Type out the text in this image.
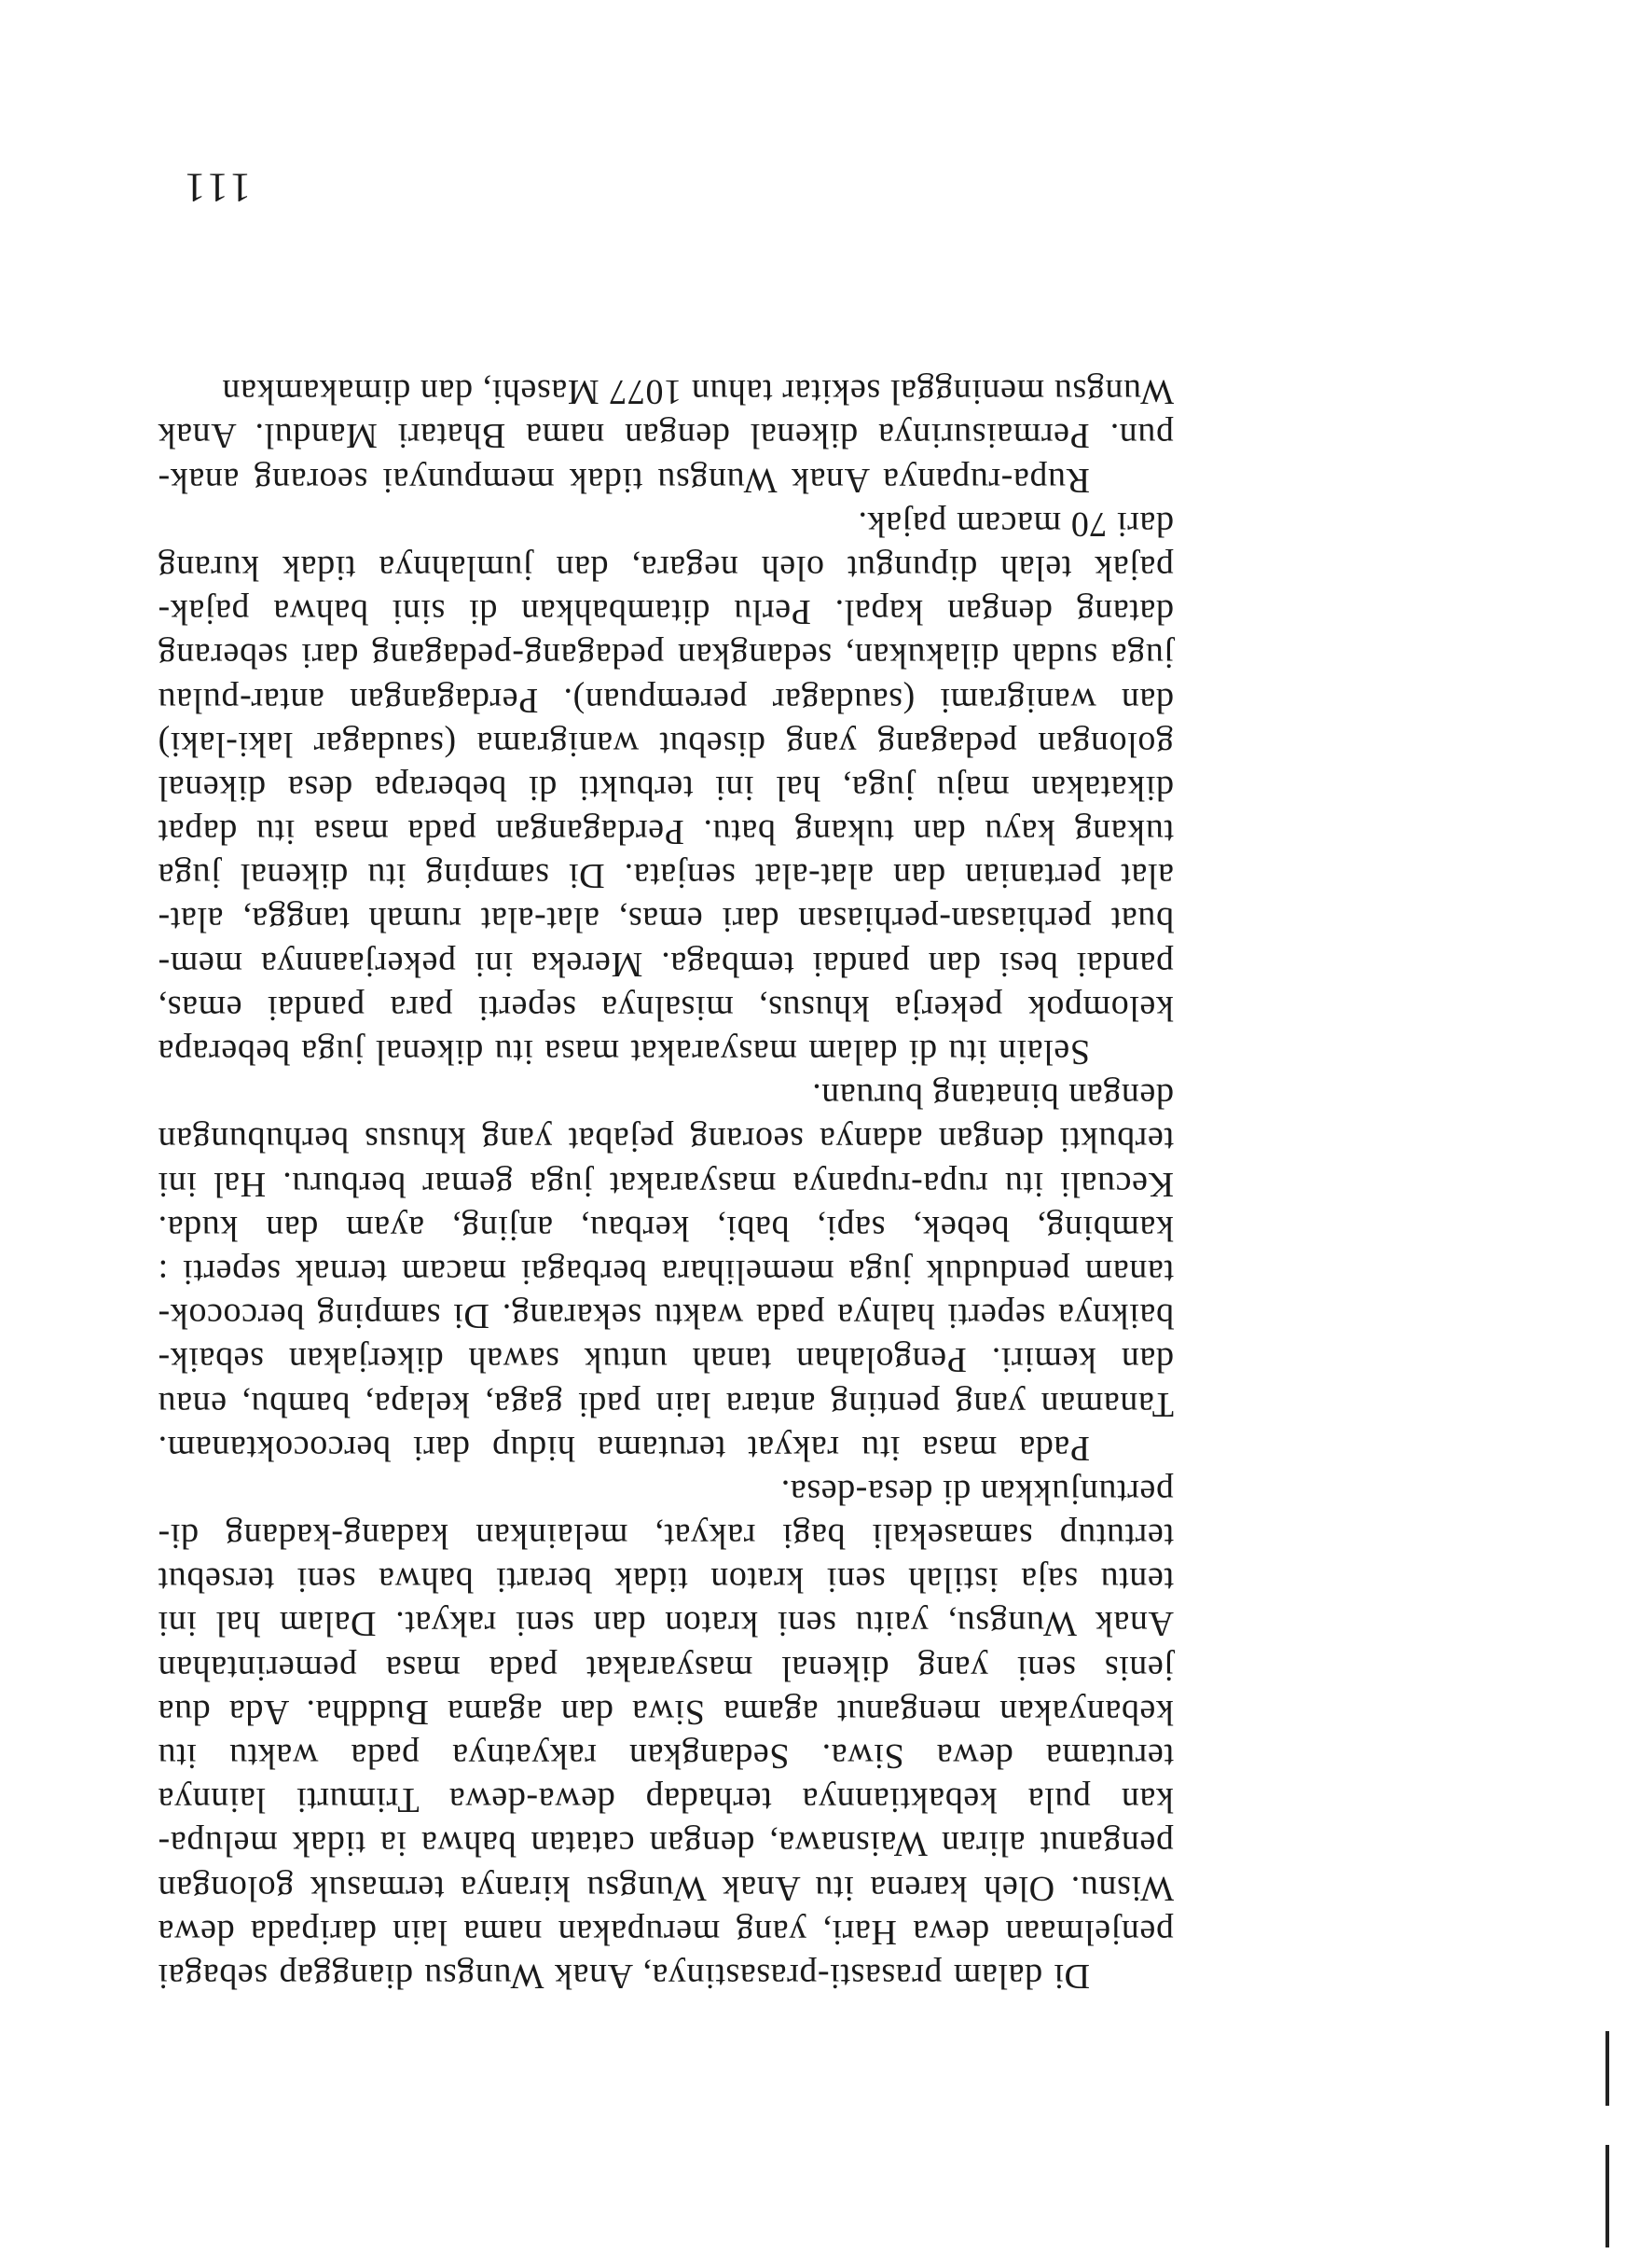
Di dalam prasasti-prasastinya, Anak Wungsu dianggap sebagai
penjelmaan dewa Hari, yang merupakan nama lain daripada dewa
Wisnu. Oleh karena itu Anak Wungsu kiranya termasuk golongan
penganut aliran Waisnawa, dengan catatan bahwa ia tidak melupa-
kan pula kebaktiannya terhadap dewa-dewa Trimurti lainnya
terutama dewa Siwa. Sedangkan rakyatnya pada waktu itu
kebanyakan menganut agama Siwa dan agama Buddha. Ada dua
jenis seni yang dikenal masyarakat pada masa pemerintahan
Anak Wungsu, yaitu seni kraton dan seni rakyat. Dalam hal ini
tentu saja istilah seni kraton tidak berarti bahwa seni tersebut
tertutup samasekali bagi rakyat, melainkan kadang-kadang di-
pertunjukkan di desa-desa.
Pada masa itu rakyat terutama hidup dari bercocoktanam.
Tanaman yang penting antara lain padi gaga, kelapa, bambu, enau
dan kemiri. Pengolahan tanah untuk sawah dikerjakan sebaik-
baiknya seperti halnya pada waktu sekarang. Di samping bercocok-
tanam penduduk juga memelihara berbagai macam ternak seperti :
kambing, bebek, sapi, babi, kerbau, anjing, ayam dan kuda.
Kecuali itu rupa-rupanya masyarakat juga gemar berburu. Hal ini
terbukti dengan adanya seorang pejabat yang khusus berhubungan
dengan binatang buruan.
Selain itu di dalam masyarakat masa itu dikenal juga beberapa
kelompok pekerja khusus, misalnya seperti para pandai emas,
pandai besi dan pandai tembaga. Mereka ini pekerjaannya mem-
buat perhiasan-perhiasan dari emas, alat-alat rumah tangga, alat-
alat pertanian dan alat-alat senjata. Di samping itu dikenal juga
tukang kayu dan tukang batu. Perdagangan pada masa itu dapat
dikatakan maju juga, hal ini terbukti di beberapa desa dikenal
golongan pedagang yang disebut wanigrama (saudagar laki-laki)
dan wanigrami (saudagar perempuan). Perdagangan antar-pulau
juga sudah dilakukan, sedangkan pedagang-pedagang dari seberang
datang dengan kapal. Perlu ditambahkan di sini bahwa pajak-
pajak telah dipungut oleh negara, dan jumlahnya tidak kurang
dari 70 macam pajak.
Rupa-rupanya Anak Wungsu tidak mempunyai seorang anak-
pun. Permaisurinya dikenal dengan nama Bhatari Mandul. Anak
Wungsu meninggal sekitar tahun 1077 Masehi, dan dimakamkan
111
